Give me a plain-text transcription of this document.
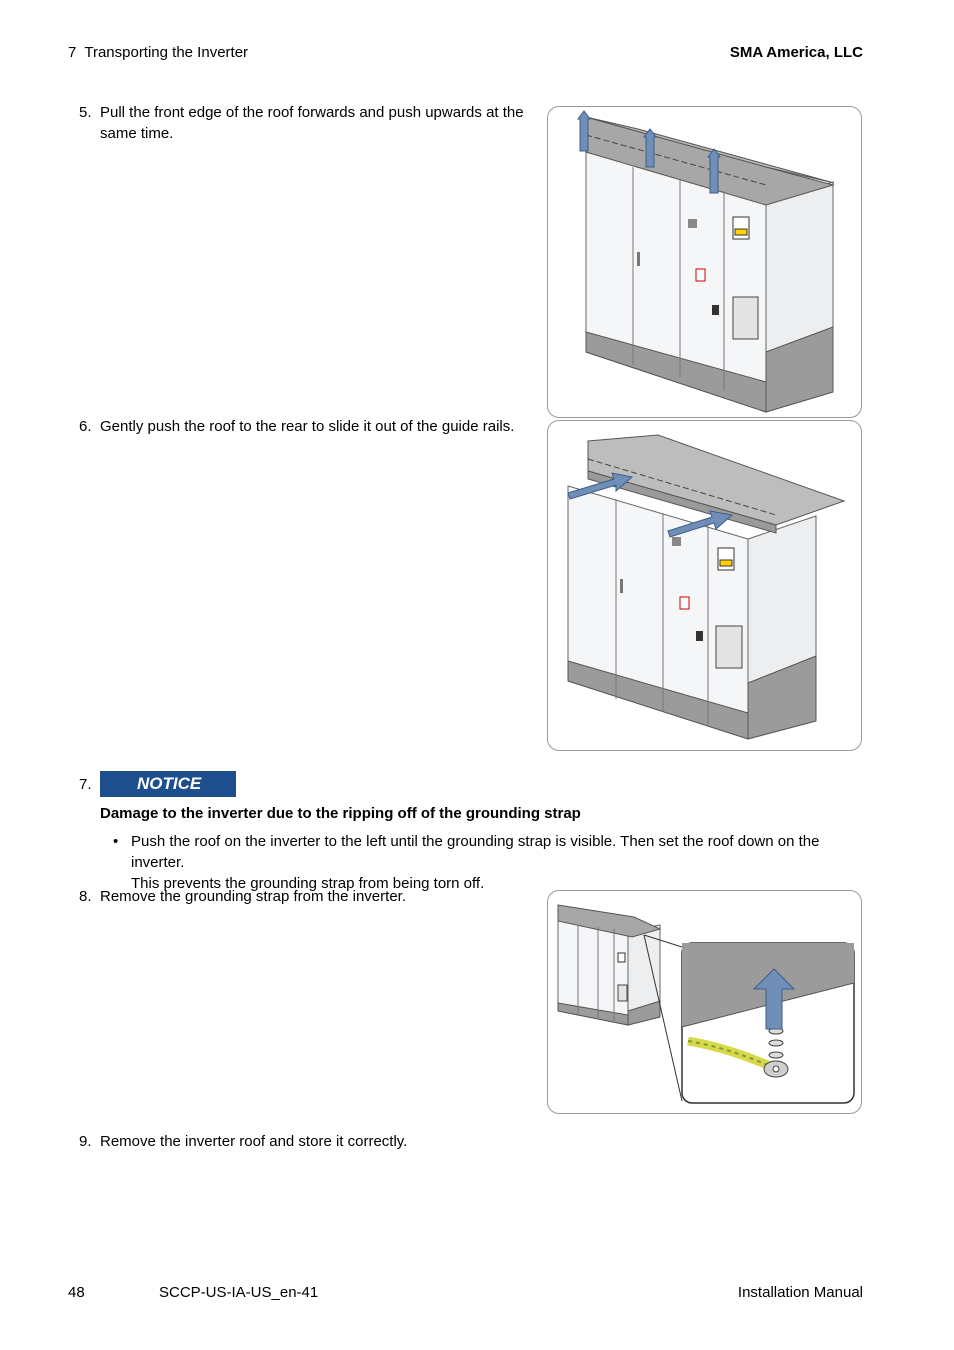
7 Transporting the Inverter	SMA America, LLC
5. Pull the front edge of the roof forwards and push upwards at the
same time.
6. Gently push the roof to the rear to slide it out of the guide rails.
7.	NOTICE
Damage to the inverter due to the ripping off of the grounding strap
• Push the roof on the inverter to the left until the grounding strap is visible. Then set the roof down on the inverter.
This prevents the grounding strap from being torn off.
8. Remove the grounding strap from the inverter.
9. Remove the inverter roof and store it correctly.
48	SCCP-US-IA-US_en-41	Installation Manual
